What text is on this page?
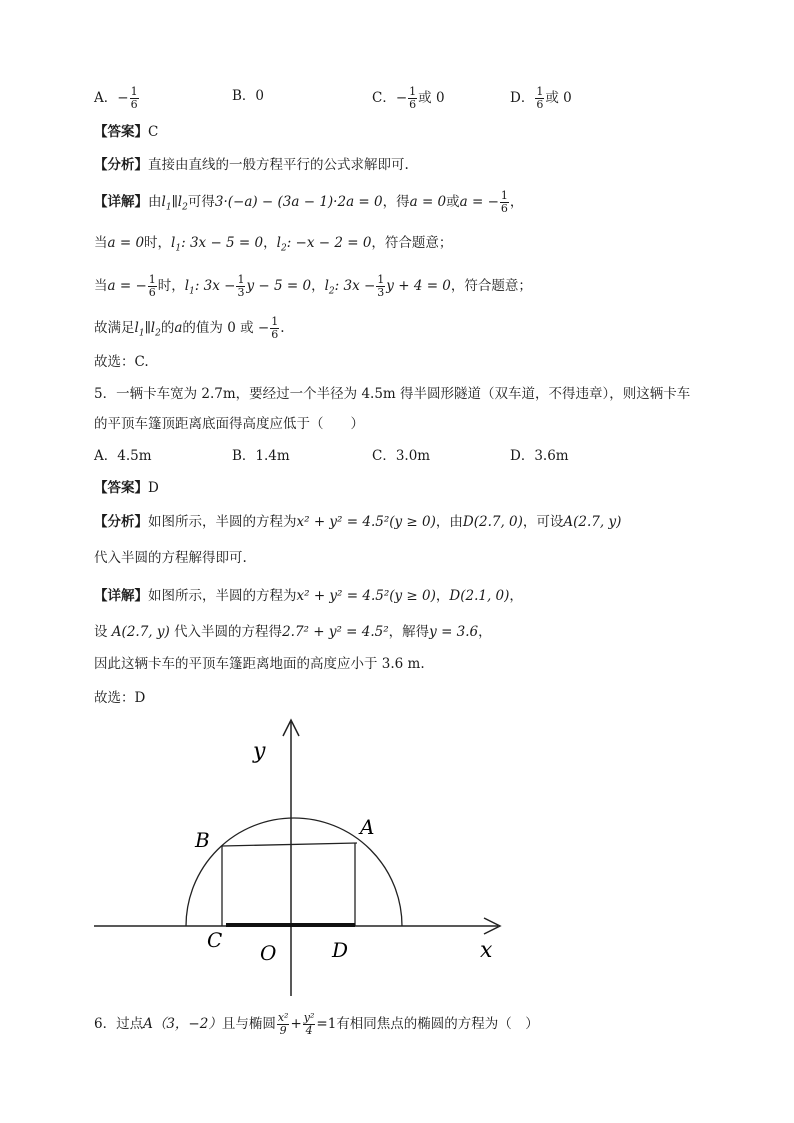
A．− $\frac{1}{6}$	B．0	C．− $\frac{1}{6}$ 或 0	D． $\frac{1}{6}$ 或 0
【答案】C
【分析】直接由直线的一般方程平行的公式求解即可.
【详解】由$l_1\parallel l_2$可得3·(−a) − (3a − 1)·2a = 0，得a = 0或a = − $\frac{1}{6}$ ，
当a = 0时，$l_1$: 3x − 5 = 0，$l_2$: −x − 2 = 0，符合题意；
当a = − $\frac{1}{6}$ 时，$l_1$: $3x - \frac{1}{3}$ y − 5 = 0，$l_2$: $3x - \frac{1}{3}$ y + 4 = 0，符合题意；
故满足$l_1\parallel l_2$的a的值为 0 或 − $\frac{1}{6}$ .
故选：C.
5．一辆卡车宽为 2.7m，要经过一个半径为 4.5m 得半圆形隧道（双车道，不得违章），则这辆卡车
的平顶车篷顶距离底面得高度应低于（　　）
A．4.5m	B．1.4m	C．3.0m	D．3.6m
【答案】D
【分析】如图所示，半圆的方程为x² + y² = 4.5²(y ≥ 0)，由D(2.7, 0)，可设A(2.7, y)
代入半圆的方程解得即可.
【详解】如图所示，半圆的方程为x² + y² = 4.5²(y ≥ 0)，D(2.1, 0)，
设 A(2.7, y) 代入半圆的方程得2.7² + y² = 4.5²，解得y = 3.6，
因此这辆卡车的平顶车篷距离地面的高度应小于 3.6 m.
故选：D
y
x
A
B
C
O	D
6．过点A（3，−2）且与椭圆 $\frac{\text{x²}}{9} + \frac{\text{y²}}{4} =1$有相同焦点的椭圆的方程为（　）
